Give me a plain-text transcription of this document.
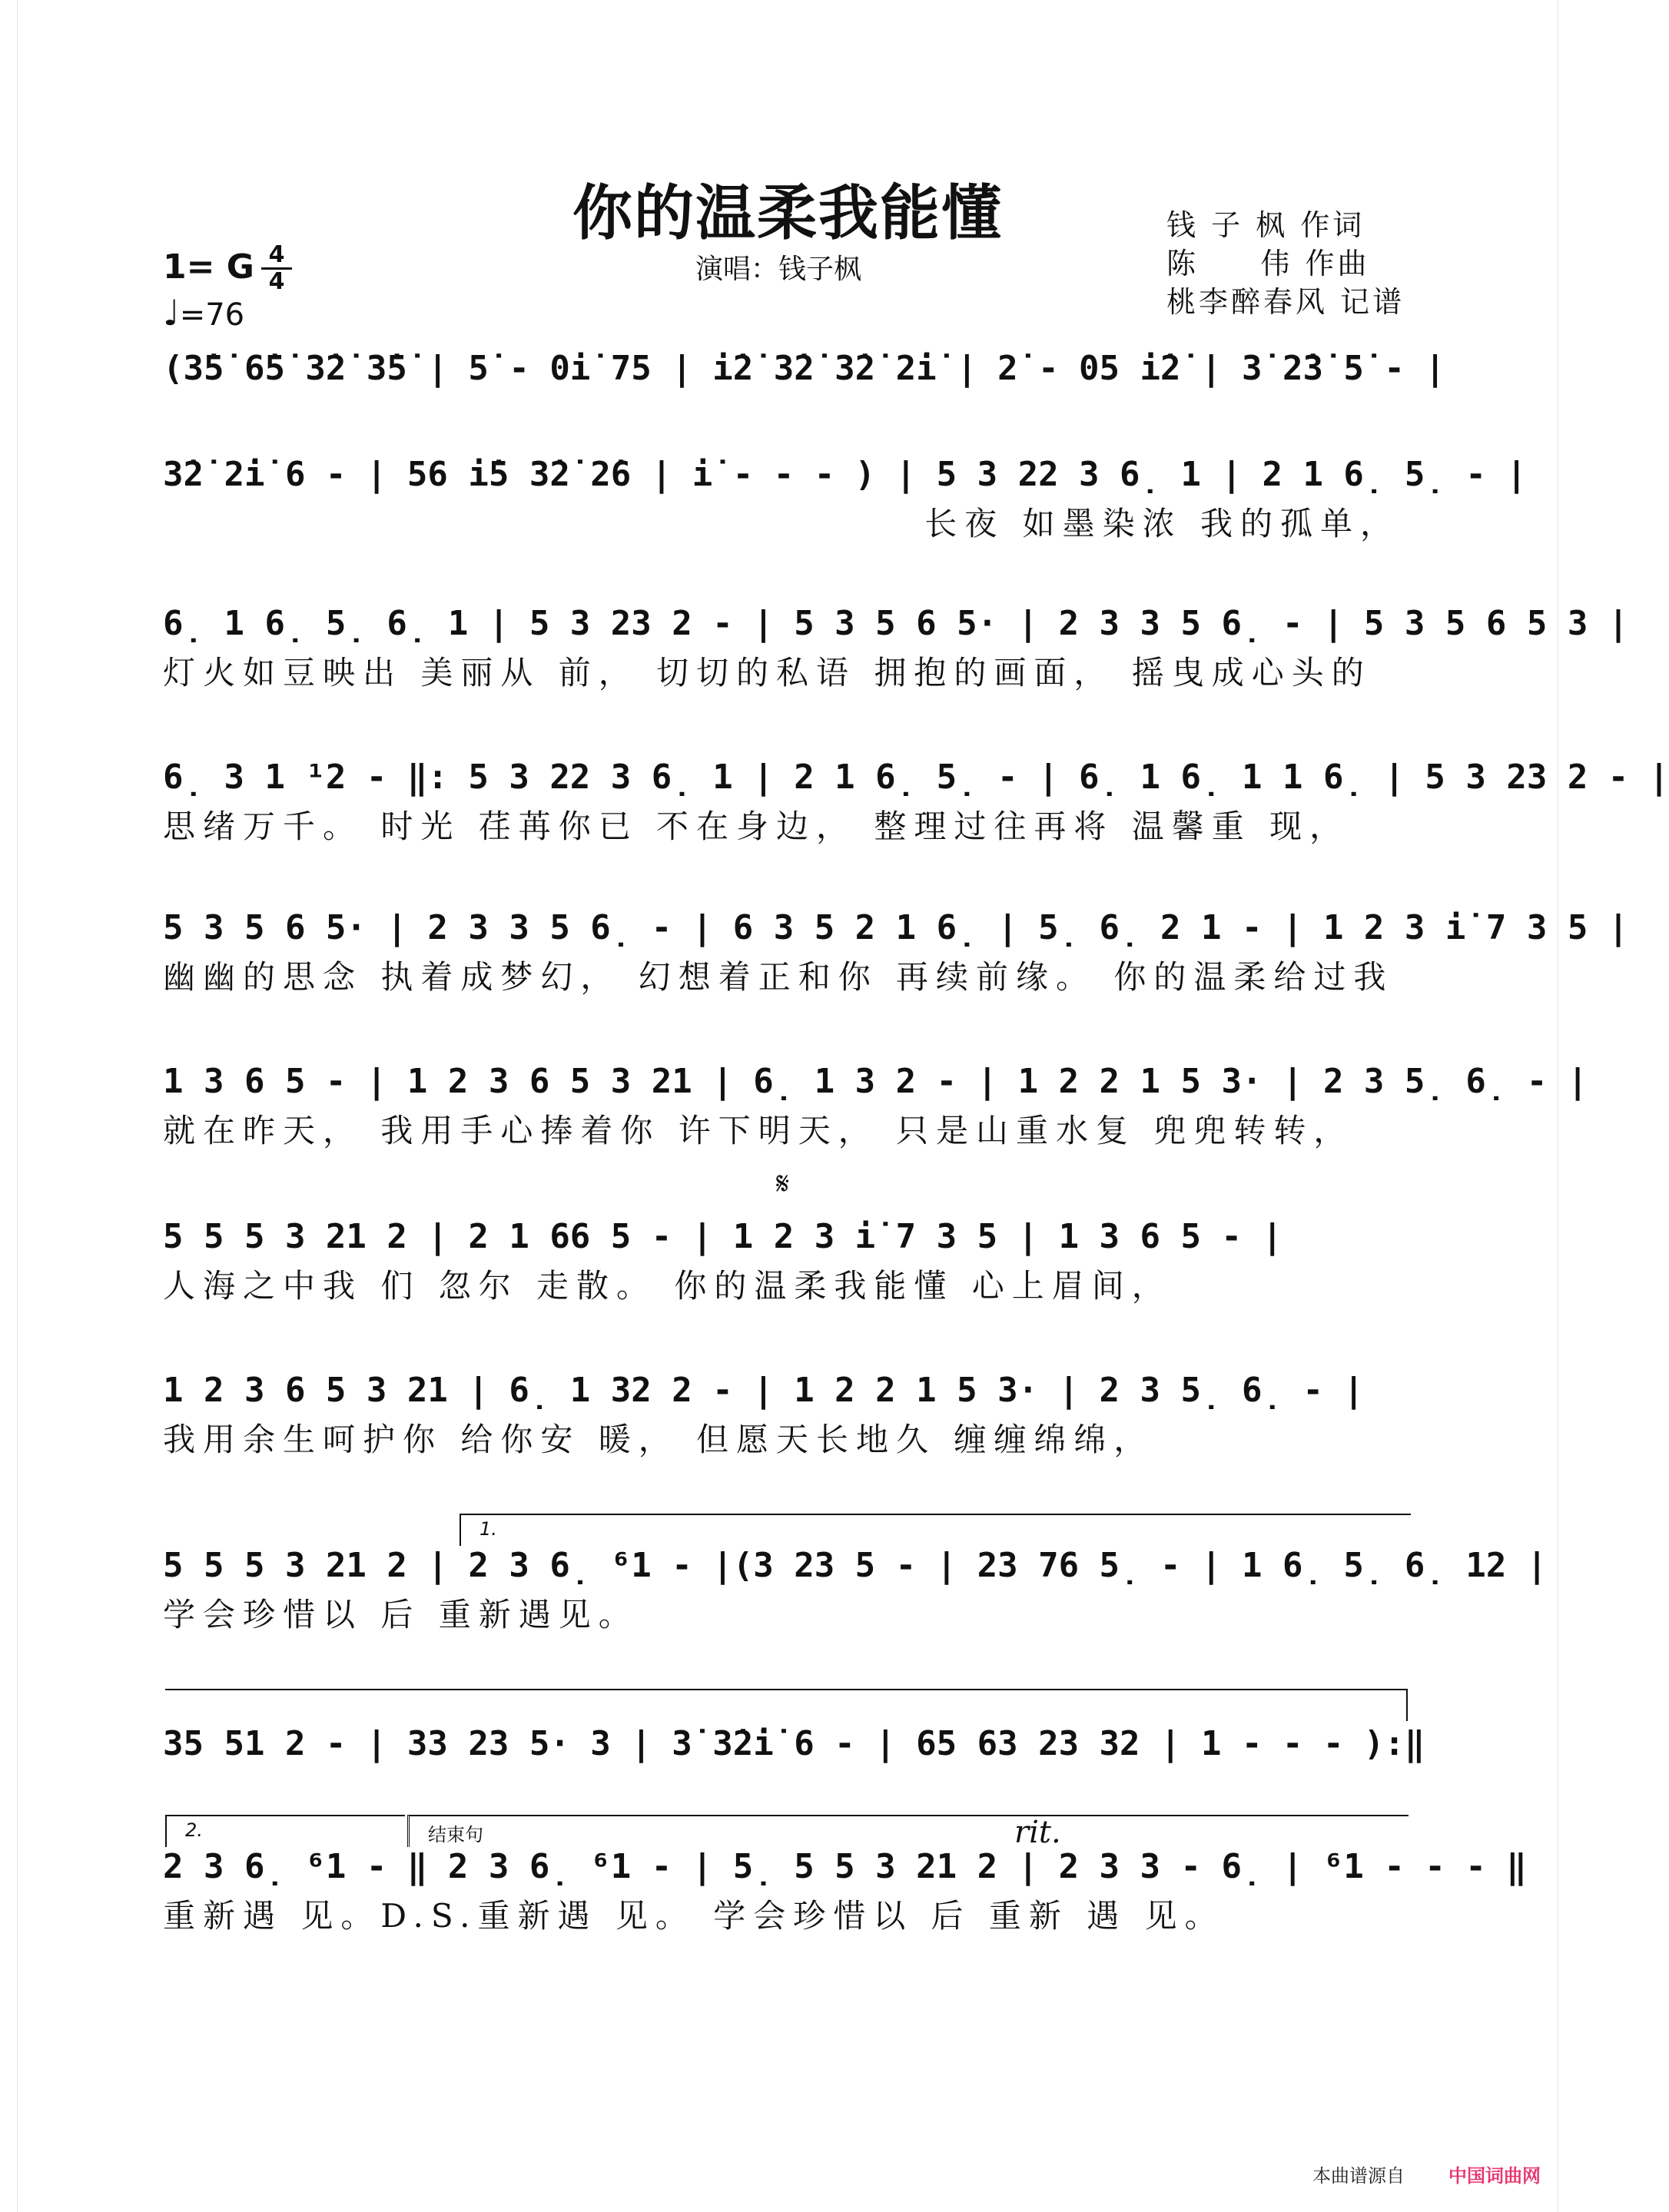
你的温柔我能懂
演唱：钱子枫
钱 子 枫 作词
陈     伟 作曲
桃李醉春风 记谱
1= G 4
4
♩=76
(3̇5̇ 6̇5̇ 3̇2̇ 3̇5̇ | 5̇ - 0i̇ 75 | i̇2̇ 3̇2̇ 3̇2̇ 2̇i̇ | 2̇ - 05 i̇2̇ | 3̇ 2̇3̇ 5̇ - |
3̇2̇ 2̇i̇ 6 - | 56 i̇5 3̇2̇ 2̇6 | i̇ - - - ) | 5 3 22 3 6̣ 1 | 2 1 6̣ 5̣ - |
长夜 如墨染浓 我的孤单，
6̣ 1 6̣ 5̣ 6̣ 1 | 5 3 23 2 - | 5 3 5 6 5· | 2 3 3 5 6̣ - | 5 3 5 6 5 3 |
灯火如豆映出 美丽从 前， 切切的私语 拥抱的画面， 摇曳成心头的
6̣ 3 1 ¹2 - ‖: 5 3 22 3 6̣ 1 | 2 1 6̣ 5̣ - | 6̣ 1 6̣ 1 1 6̣ | 5 3 23 2 - |
思绪万千。 时光 荏苒你已 不在身边， 整理过往再将 温馨重 现，
5 3 5 6 5· | 2 3 3 5 6̣ - | 6 3 5 2 1 6̣ | 5̣ 6̣ 2 1 - | 1 2 3 i̇ 7 3 5 |
幽幽的思念 执着成梦幻， 幻想着正和你 再续前缘。 你的温柔给过我
1 3 6 5 - | 1 2 3 6 5 3 21 | 6̣ 1 3 2 - | 1 2 2 1 5 3· | 2 3 5̣ 6̣ - |
就在昨天， 我用手心捧着你 许下明天， 只是山重水复 兜兜转转，
𝄋
5 5 5 3 21 2 | 2 1 66 5 - | 1 2 3 i̇ 7 3 5 | 1 3 6 5 - |
人海之中我 们 忽尔 走散。 你的温柔我能懂 心上眉间，
1 2 3 6 5 3 21 | 6̣ 1 32 2 - | 1 2 2 1 5 3· | 2 3 5̣ 6̣ - |
我用余生呵护你 给你安 暖， 但愿天长地久 缠缠绵绵，
1.
5 5 5 3 21 2 | 2 3 6̣ ⁶1 - |(3 23 5 - | 23 76 5̣ - | 1 6̣ 5̣ 6̣ 12 |
学会珍惜以 后 重新遇见。
35 51 2 - | 33 23 5· 3 | 3̇ 3̇2̇i̇ 6 - | 65 63 23 32 | 1 - - - ):‖
2.	结束句	rit.
2 3 6̣ ⁶1 - ‖ 2 3 6̣ ⁶1 - | 5̣ 5 5 3 21 2 | 2 3 3 - 6̣ | ⁶1 - - - ‖
重新遇 见。D.S.重新遇 见。 学会珍惜以 后 重新 遇 见。
本曲谱源自 中国词曲网
